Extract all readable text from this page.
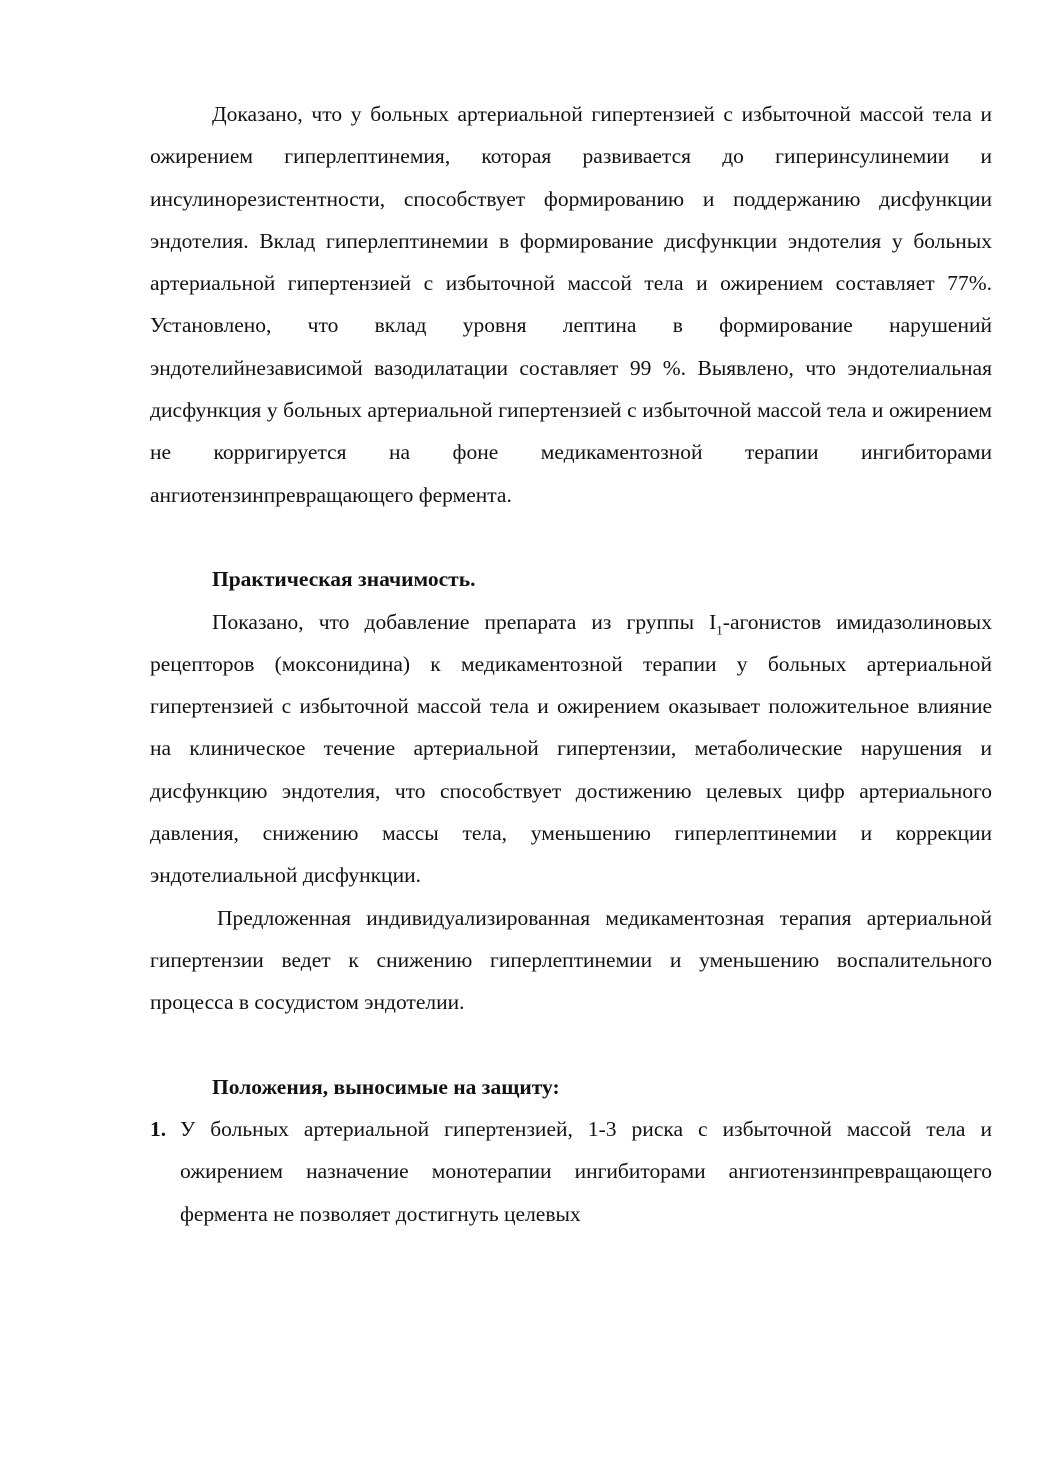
Доказано, что у больных артериальной гипертензией с избыточной массой тела и ожирением гиперлептинемия, которая развивается до гиперинсулинемии и инсулинорезистентности, способствует формированию и поддержанию дисфункции эндотелия. Вклад гиперлептинемии в формирование дисфункции эндотелия у больных артериальной гипертензией с избыточной массой тела и ожирением составляет 77%. Установлено, что вклад уровня лептина в формирование нарушений эндотелийнезависимой вазодилатации составляет 99 %. Выявлено, что эндотелиальная дисфункция у больных артериальной гипертензией с избыточной массой тела и ожирением не корригируется на фоне медикаментозной терапии ингибиторами ангиотензинпревращающего фермента.

Практическая значимость.

Показано, что добавление препарата из группы $I_1$-агонистов имидазолиновых рецепторов (моксонидина) к медикаментозной терапии у больных артериальной гипертензией с избыточной массой тела и ожирением оказывает положительное влияние на клиническое течение артериальной гипертензии, метаболические нарушения и дисфункцию эндотелия, что способствует достижению целевых цифр артериального давления, снижению массы тела, уменьшению гиперлептинемии и коррекции эндотелиальной дисфункции.

Предложенная индивидуализированная медикаментозная терапия артериальной гипертензии ведет к снижению гиперлептинемии и уменьшению воспалительного процесса в сосудистом эндотелии.

Положения, выносимые на защиту:
1. У больных артериальной гипертензией, 1-3 риска с избыточной массой тела и ожирением назначение монотерапии ингибиторами ангиотензинпревращающего фермента не позволяет достигнуть целевых
